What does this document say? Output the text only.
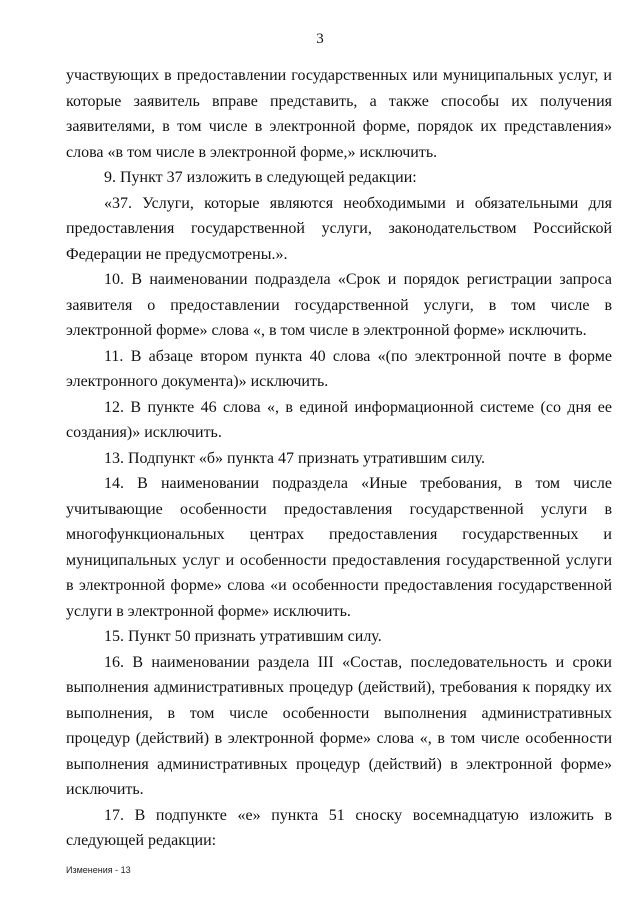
3

участвующих в предоставлении государственных или муниципальных услуг, и которые заявитель вправе представить, а также способы их получения заявителями, в том числе в электронной форме, порядок их представления» слова «в том числе в электронной форме,» исключить.

9. Пункт 37 изложить в следующей редакции:

«37. Услуги, которые являются необходимыми и обязательными для предоставления государственной услуги, законодательством Российской Федерации не предусмотрены.».

10. В наименовании подраздела «Срок и порядок регистрации запроса заявителя о предоставлении государственной услуги, в том числе в электронной форме» слова «, в том числе в электронной форме» исключить.

11. В абзаце втором пункта 40 слова «(по электронной почте в форме электронного документа)» исключить.

12. В пункте 46 слова «, в единой информационной системе (со дня ее создания)» исключить.

13. Подпункт «б» пункта 47 признать утратившим силу.

14. В наименовании подраздела «Иные требования, в том числе учитывающие особенности предоставления государственной услуги в многофункциональных центрах предоставления государственных и муниципальных услуг и особенности предоставления государственной услуги в электронной форме» слова «и особенности предоставления государственной услуги в электронной форме» исключить.

15. Пункт 50 признать утратившим силу.

16. В наименовании раздела III «Состав, последовательность и сроки выполнения административных процедур (действий), требования к порядку их выполнения, в том числе особенности выполнения административных процедур (действий) в электронной форме» слова «, в том числе особенности выполнения административных процедур (действий) в электронной форме» исключить.

17. В подпункте «е» пункта 51 сноску восемнадцатую изложить в следующей редакции:

Изменения - 13
